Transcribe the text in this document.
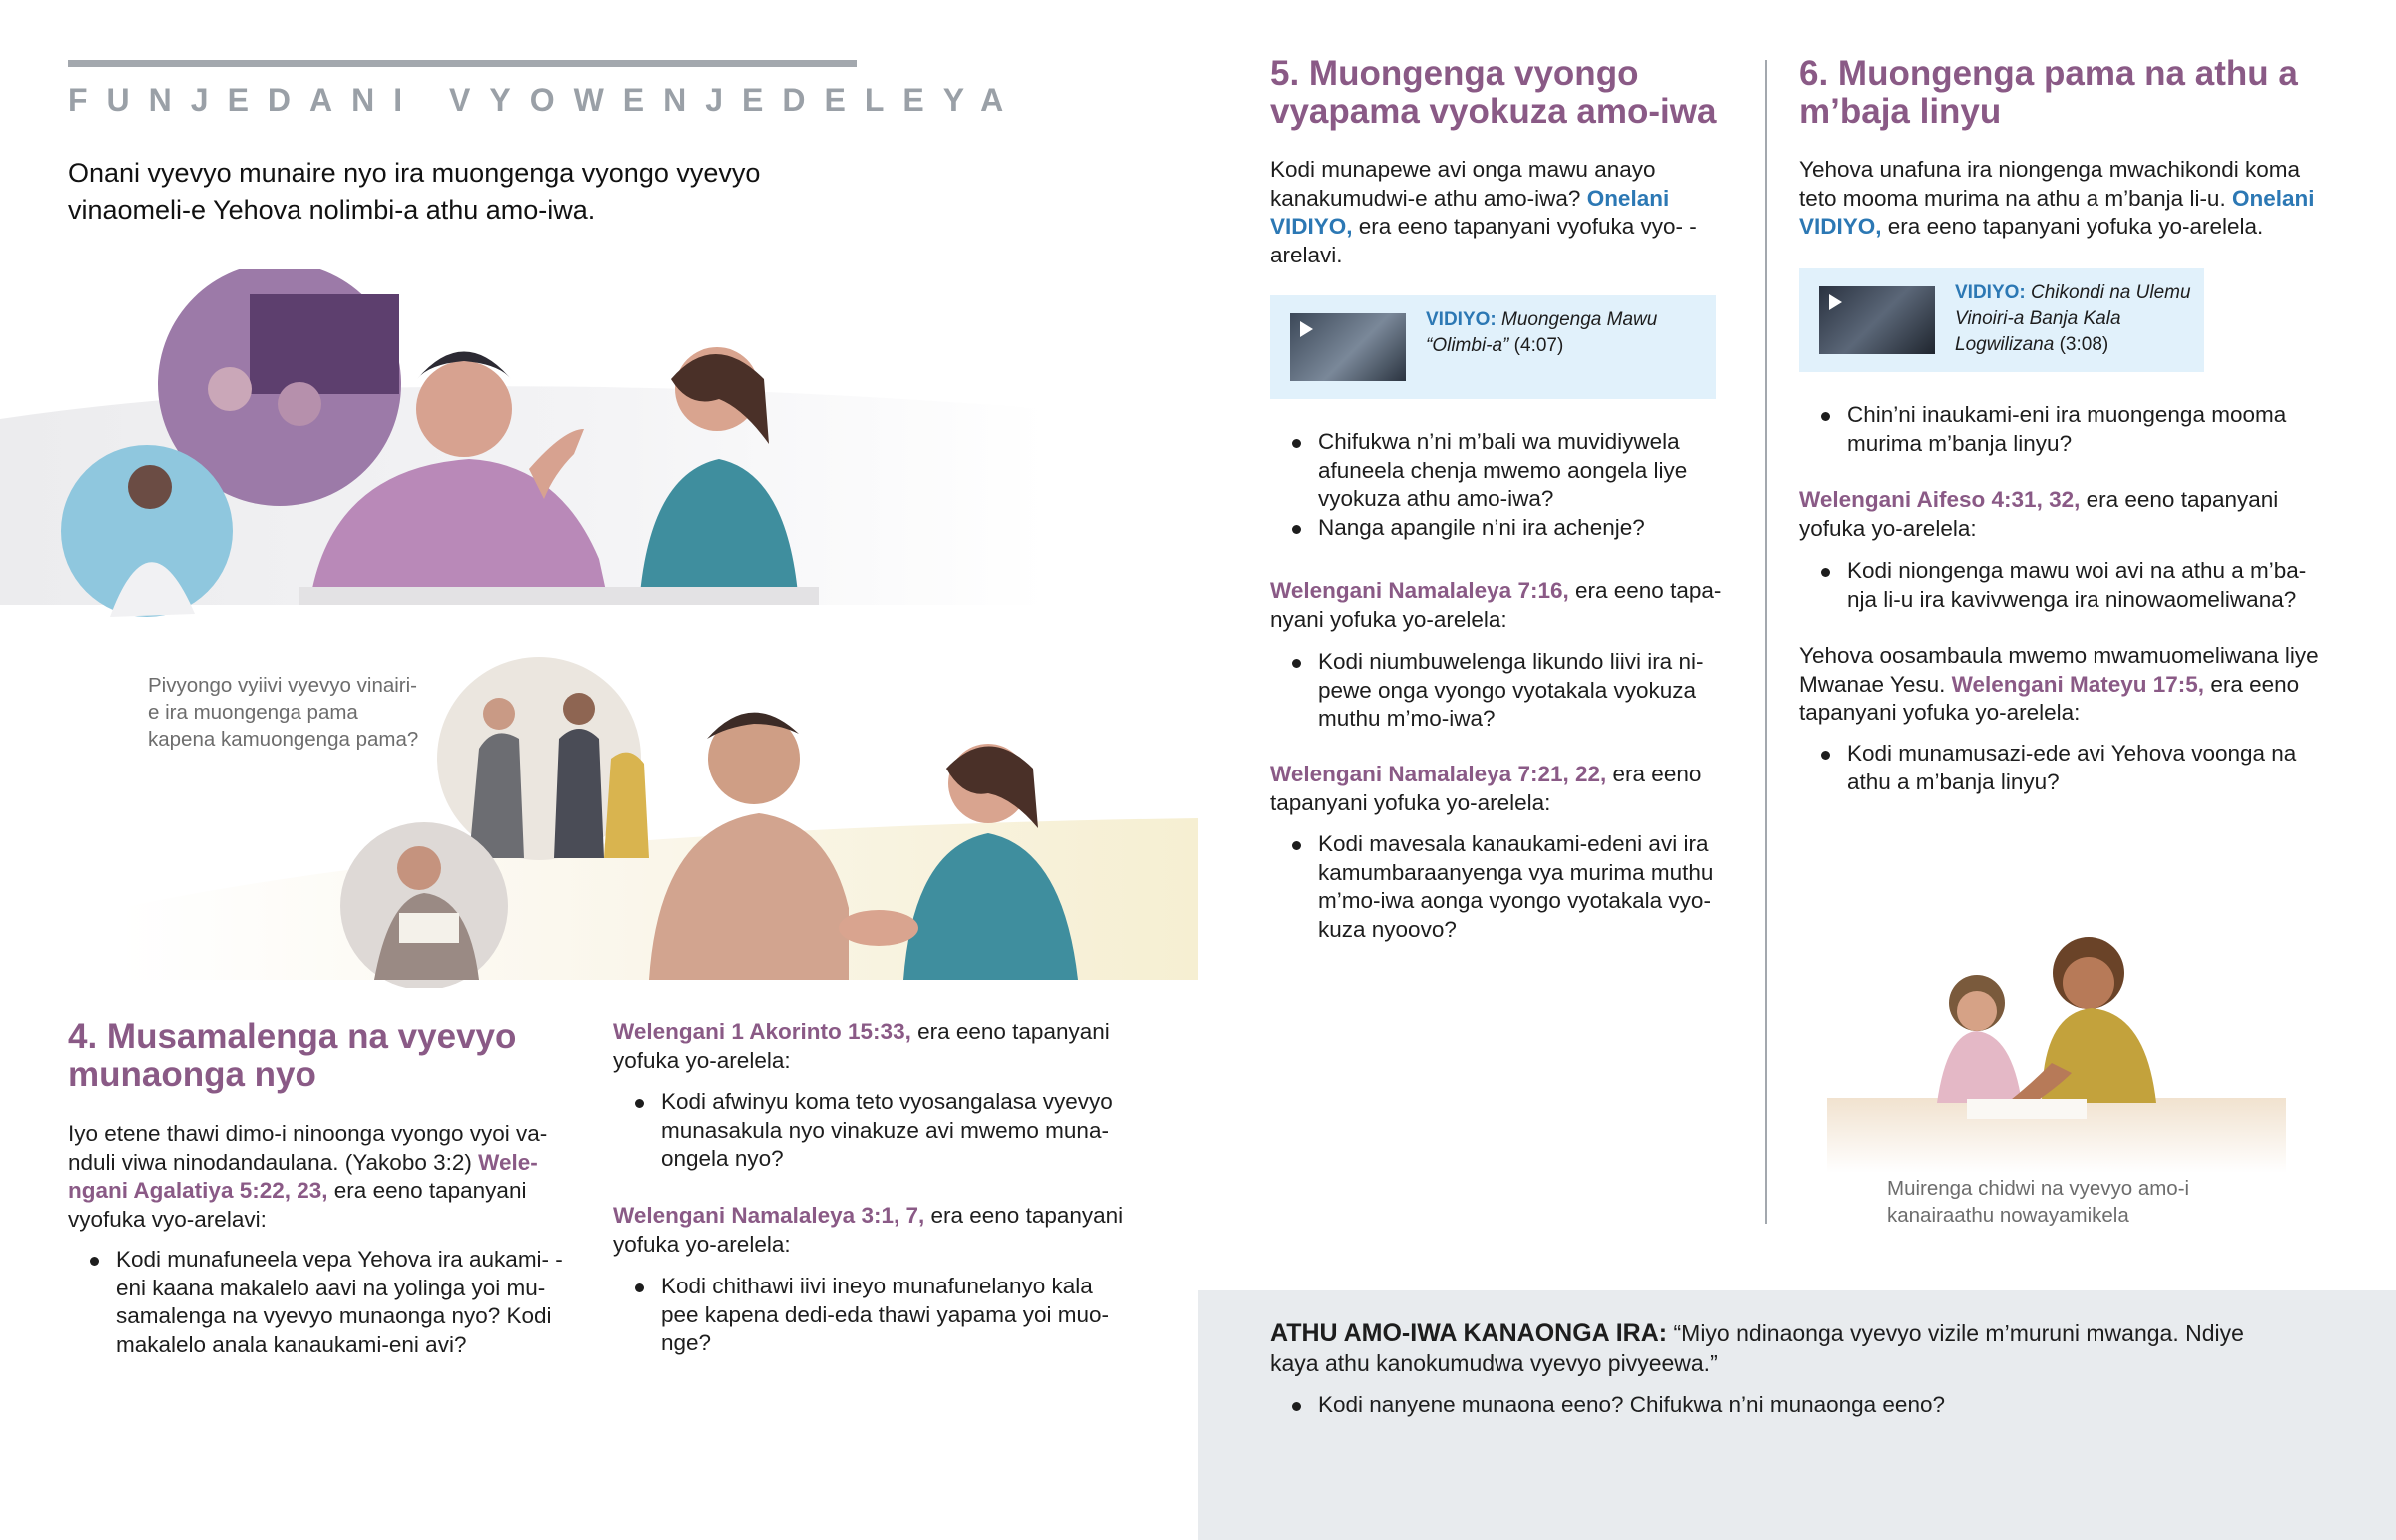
FUNJEDANI VYOWENJEDELEYA
Onani vyevyo munaire nyo ira muongenga vyongo vyevyo vinaomeli-e Yehova nolimbi-a athu amo-iwa.
Pivyongo vyiivi vyevyo vinairi-e ira muongenga pama kapena kamuongenga pama?
4. Musamalenga na vyevyo munaonga nyo
Iyo etene thawi dimo-i ninoonga vyongo vyoi va- nduli viwa ninodandaulana. (Yakobo 3:2) Wele- ngani Agalatiya 5:22, 23, era eeno tapanyani vyofuka vyo-arelavi:
Kodi munafuneela vepa Yehova ira aukami- -eni kaana makalelo aavi na yolinga yoi mu- samalenga na vyevyo munaonga nyo? Kodi makalelo anala kanaukami-eni avi?
Welengani 1 Akorinto 15:33, era eeno tapanyani yofuka yo-arelela:
Kodi afwinyu koma teto vyosangalasa vyevyo munasakula nyo vinakuze avi mwemo muna- ongela nyo?
Welengani Namalaleya 3:1, 7, era eeno tapanyani yofuka yo-arelela:
Kodi chithawi iivi ineyo munafunelanyo kala pee kapena dedi-eda thawi yapama yoi muo- nge?
5. Muongenga vyongo vyapama vyokuza amo-iwa
Kodi munapewe avi onga mawu anayo kanakumudwi-e athu amo-iwa? Onelani VIDIYO, era eeno tapanyani vyofuka vyo- -arelavi.
VIDIYO: Muongenga Mawu “Olimbi-a” (4:07)
Chifukwa n’ni m’bali wa muvidiywela afuneela chenja mwemo aongela liye vyokuza athu amo-iwa?
Nanga apangile n’ni ira achenje?
Welengani Namalaleya 7:16, era eeno tapa- nyani yofuka yo-arelela:
Kodi niumbuwelenga likundo liivi ira ni- pewe onga vyongo vyotakala vyokuza muthu m’mo-iwa?
Welengani Namalaleya 7:21, 22, era eeno tapanyani yofuka yo-arelela:
Kodi mavesala kanaukami-edeni avi ira kamumbaraanyenga vya murima muthu m’mo-iwa aonga vyongo vyotakala vyo- kuza nyoovo?
6. Muongenga pama na athu a m’baja linyu
Yehova unafuna ira niongenga mwachikondi koma teto mooma murima na athu a m’banja li-u. Onelani VIDIYO, era eeno tapanyani yofuka yo-arelela.
VIDIYO: Chikondi na Ulemu Vinoiri-a Banja Kala Logwilizana (3:08)
Chin’ni inaukami-eni ira muongenga mooma murima m’banja linyu?
Welengani Aifeso 4:31, 32, era eeno tapanyani yofuka yo-arelela:
Kodi niongenga mawu woi avi na athu a m’ba- nja li-u ira kavivwenga ira ninowaomeliwana?
Yehova oosambaula mwemo mwamuomeliwana liye Mwanae Yesu. Welengani Mateyu 17:5, era eeno tapanyani yofuka yo-arelela:
Kodi munamusazi-ede avi Yehova voonga na athu a m’banja linyu?
Muirenga chidwi na vyevyo amo-i kanairaathu nowayamikela
ATHU AMO-IWA KANAONGA IRA: “Miyo ndinaonga vyevyo vizile m’muruni mwanga. Ndiye kaya athu kanokumudwa vyevyo pivyeewa.”
Kodi nanyene munaona eeno? Chifukwa n’ni munaonga eeno?
